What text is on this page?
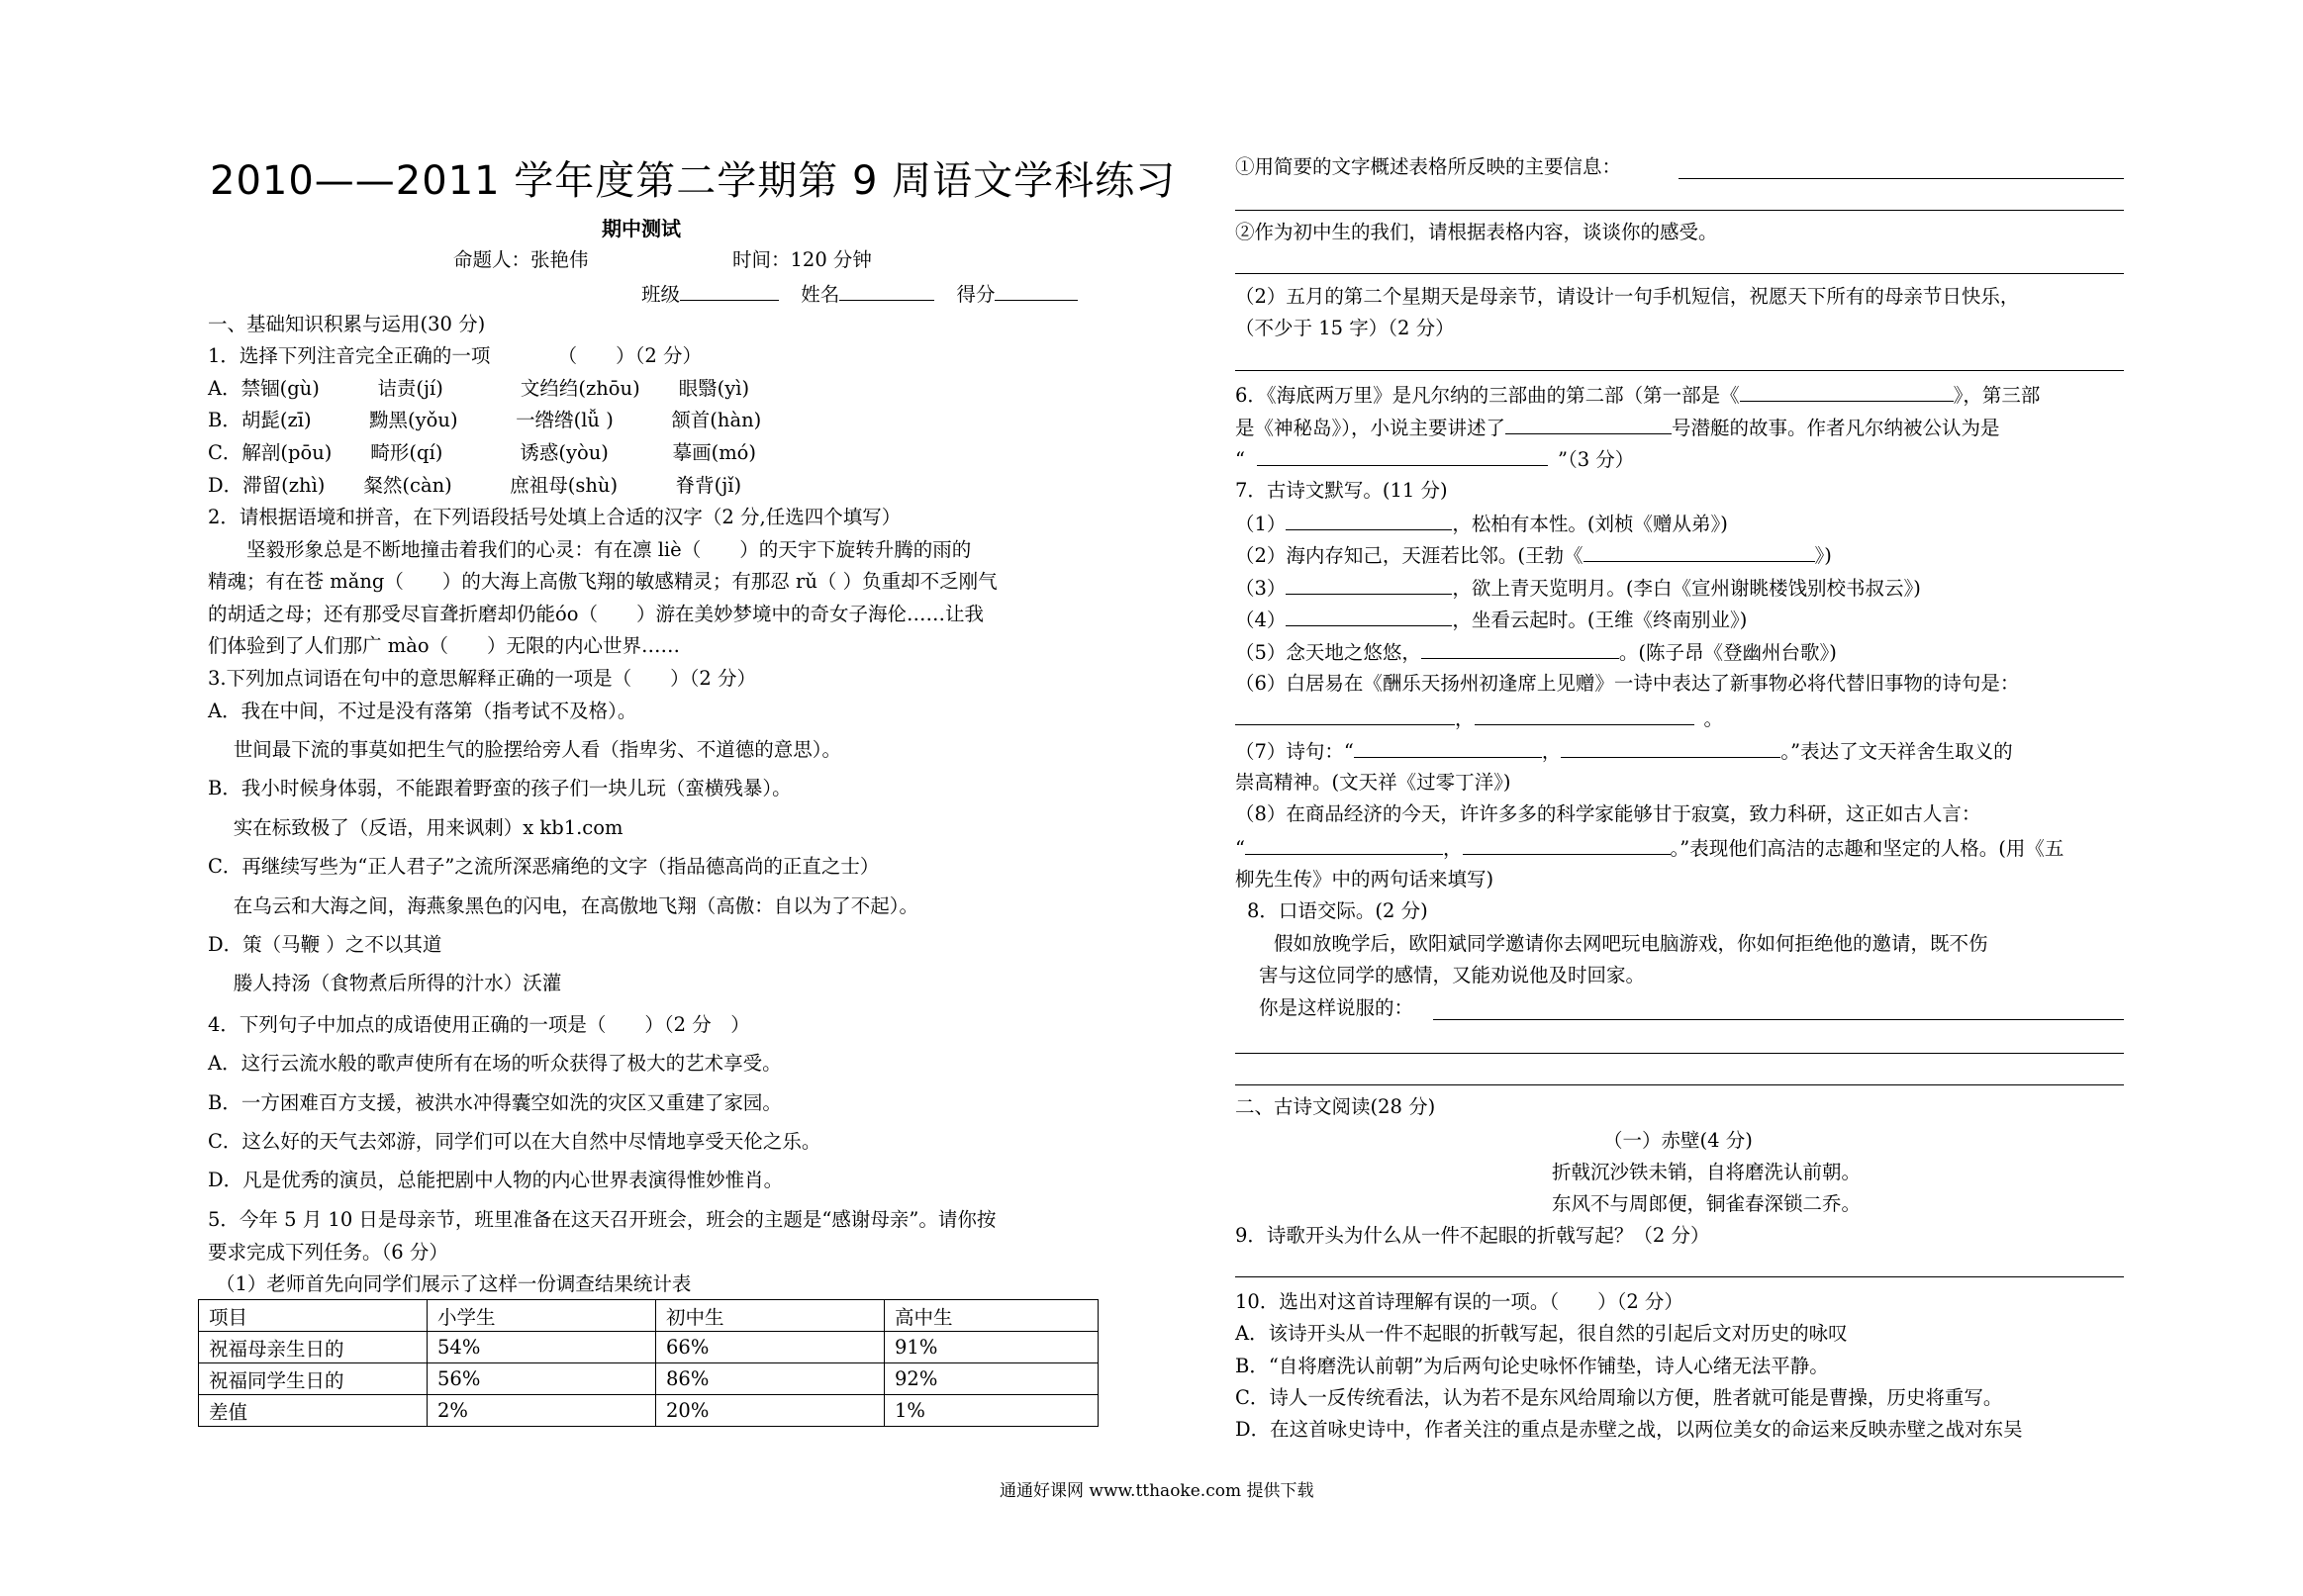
2010——2011 学年度第二学期第 9 周语文学科练习
期中测试
命题人：张艳伟	时间：120 分钟
班级	姓名	得分
一、基础知识积累与运用(30 分)
1．选择下列注音完全正确的一项　　　　（　　）（2 分）
A．禁锢(gù)　　　诘责(jí)　　　　文绉绉(zhōu)　　眼翳(yì)
B．胡髭(zī)　　　黝黑(yǒu)　　　一绺绺(lǚ )　　　颔首(hàn)
C．解剖(pōu)　　畸形(qí)　　　　诱惑(yòu)　　　 摹画(mó)
D．滞留(zhì)　　粲然(càn)　　　庶祖母(shù)　　　脊背(jǐ)
2．请根据语境和拼音，在下列语段括号处填上合适的汉字（2 分,任选四个填写）
　　坚毅形象总是不断地撞击着我们的心灵：有在凛 liè（　　）的天宇下旋转升腾的雨的
精魂；有在苍 mǎng（　　）的大海上高傲飞翔的敏感精灵；有那忍 rǔ（ ）负重却不乏刚气
的胡适之母；还有那受尽盲聋折磨却仍能óo（　　）游在美妙梦境中的奇女子海伦……让我
们体验到了人们那广 mào（　　）无限的内心世界……
3.下列加点词语在句中的意思解释正确的一项是（　　）（2 分）
A．我在中间，不过是没有落第（指考试不及格）。
　 世间最下流的事莫如把生气的脸摆给旁人看（指卑劣、不道德的意思）。
B．我小时候身体弱，不能跟着野蛮的孩子们一块儿玩（蛮横残暴）。
　 实在标致极了（反语，用来讽刺）x kb1.com
C．再继续写些为“正人君子”之流所深恶痛绝的文字（指品德高尚的正直之士）
　 在乌云和大海之间，海燕象黑色的闪电，在高傲地飞翔（高傲：自以为了不起）。
D．策（马鞭 ）之不以其道
　 媵人持汤（食物煮后所得的汁水）沃灌
4．下列句子中加点的成语使用正确的一项是（　　）（2 分　）
A．这行云流水般的歌声使所有在场的听众获得了极大的艺术享受。
B．一方困难百方支援，被洪水冲得囊空如洗的灾区又重建了家园。
C．这么好的天气去郊游，同学们可以在大自然中尽情地享受天伦之乐。
D．凡是优秀的演员，总能把剧中人物的内心世界表演得惟妙惟肖。
5．今年 5 月 10 日是母亲节，班里准备在这天召开班会，班会的主题是“感谢母亲”。请你按
要求完成下列任务。（6 分）
（1）老师首先向同学们展示了这样一份调查结果统计表
项目	小学生	初中生	高中生
祝福母亲生日的	54%	66%	91%
祝福同学生日的	56%	86%	92%
差值	2%	20%	1%
①用简要的文字概述表格所反映的主要信息：
②作为初中生的我们，请根据表格内容，谈谈你的感受。
（2）五月的第二个星期天是母亲节，请设计一句手机短信，祝愿天下所有的母亲节日快乐，
（不少于 15 字）（2 分）
6．《海底两万里》是凡尔纳的三部曲的第二部（第一部是《	》，第三部
是《神秘岛》），小说主要讲述了	号潜艇的故事。作者凡尔纳被公认为是
“	”（3 分）
7．古诗文默写。(11 分)
（1）	，松柏有本性。(刘桢《赠从弟》)
（2）海内存知己，天涯若比邻。(王勃《	》)
（3）	，欲上青天览明月。(李白《宣州谢眺楼饯别校书叔云》)
（4）	，坐看云起时。(王维《终南别业》)
（5）念天地之悠悠，	。(陈子昂《登幽州台歌》)
（6）白居易在《酬乐天扬州初逢席上见赠》一诗中表达了新事物必将代替旧事物的诗句是：
，	。
（7）诗句：“	，	。”表达了文天祥舍生取义的
崇高精神。(文天祥《过零丁洋》)
（8）在商品经济的今天，许许多多的科学家能够甘于寂寞，致力科研，这正如古人言：
“	，	。”表现他们高洁的志趣和坚定的人格。(用《五
柳先生传》中的两句话来填写)
8．口语交际。(2 分)
　　假如放晚学后，欧阳斌同学邀请你去网吧玩电脑游戏，你如何拒绝他的邀请，既不伤
害与这位同学的感情，又能劝说他及时回家。
你是这样说服的：
二、古诗文阅读(28 分)
（一）赤壁(4 分)
折戟沉沙铁未销，自将磨洗认前朝。
东风不与周郎便，铜雀春深锁二乔。
9．诗歌开头为什么从一件不起眼的折戟写起？（2 分）
10．选出对这首诗理解有误的一项。（　　）（2 分）
A．该诗开头从一件不起眼的折戟写起，很自然的引起后文对历史的咏叹
B．“自将磨洗认前朝”为后两句论史咏怀作铺垫，诗人心绪无法平静。
C．诗人一反传统看法，认为若不是东风给周瑜以方便，胜者就可能是曹操，历史将重写。
D．在这首咏史诗中，作者关注的重点是赤壁之战，以两位美女的命运来反映赤壁之战对东吴
通通好课网 www.tthaoke.com 提供下载
